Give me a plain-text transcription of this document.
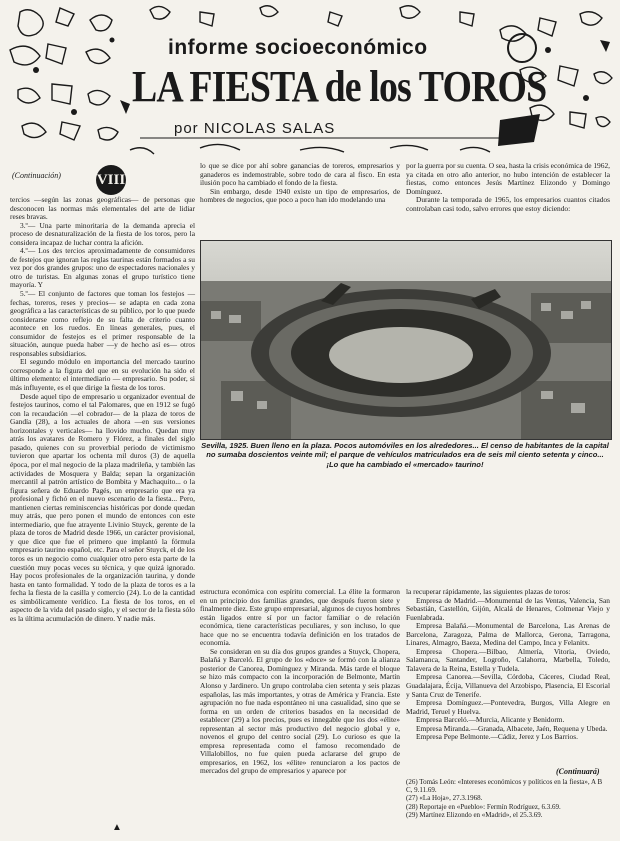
informe socioeconómico
LA FIESTA de los TOROS
por NICOLAS SALAS
(Continuación) VIII

tercios —según las zonas geográficas— de personas que desconocen las normas más elementales del arte de lidiar reses bravas.

3.º— Una parte minoritaria de la demanda aprecia el proceso de desnaturalización de la fiesta de los toros, pero la considera incapaz de luchar contra la afición.

4.º— Los des tercios aproximadamente de consumidores de festejos que ignoran las reglas taurinas están formados a su vez por dos grandes grupos: uno de espectadores nacionales y otro de turistas. En algunas zonas el grupo turístico tiene mayoría. Y

5.º— El conjunto de factores que toman los festejos —fechas, toreros, reses y precios— se adapta en cada zona geográfica a las características de su público, por lo que puede considerarse como reflejo de su falta de criterio cuanto acontece en los ruedos. En líneas generales, pues, el consumidor de festejos es el primer responsable de la situación, aunque pueda haber —y de hecho así es— otros responsables subsidiarios.

El segundo módulo en importancia del mercado taurino corresponde a la figura del que en su evolución ha sido el último elemento: el intermediario — empresario. Su poder, si más influyente, es el que dirige la fiesta de los toros.

Desde aquel tipo de empresario u organizador eventual de festejos taurinos, como el tal Palomares, que en 1912 se fugó con la recaudación —el cobrador— de la plaza de toros de Gandía (28), a los actuales de ahora —en sus versiones horizontales y verticales— ha llovido mucho. Quedan muy atrás los avatares de Romero y Flórez, a finales del siglo pasado, quienes con su proverbial periodo de victimismo tuvieron que apartar los ochenta mil duros (3) de aquella época, por el mal negocio de la plaza madrileña, y también las actividades de Mosquera y Balda; sepan la organización mercantil al patrón artístico de Bombita y Machaquito... o la figura señera de Eduardo Pagés, un empresario que era ya profesional y fichó en el nuevo escenario de la fiesta... Pero, mantienen ciertas reminiscencias históricas por donde quedan muy atrás, que pero ponen el mundo de entonces con este intermediario, que fue atrayente Livinio Stuyck, gerente de la plaza de toros de Madrid desde 1966, un carácter provisional, y que dice que fue el primero que implantó la fórmula empresario taurino español, etc. Para el señor Stuyck, el de los toros es un negocio como cualquier otro pero esta parte de la cuestión muy pocas veces su técnica, y que quizá ignorado. Hay pocos profesionales de la organización taurina, y donde hasta en tanto formalidad. Y todo de la plaza de toros es a la fecha la fiesta de la casilla y comercio (24). Lo de la cantidad es simbólicamente verídico. La fiesta de los toros, en el aspecto de la vida del pasado siglo, y el sector de la fiesta sólo es la última acumulación de dinero. Y nadie más.

lo que se dice por ahí sobre ganancias de toreros, empresarios y ganaderos es indemostrable, sobre todo de cara al fisco. En esta ilusión poco ha cambiado el fondo de la fiesta.

Sin embargo, desde 1940 existe un tipo de empresarios, de hombres de negocios, que poco a poco han ido modelando una

por la guerra por su cuenta. O sea, hasta la crisis económica de 1962, ya citada en otro año anterior, no hubo intención de establecer la fiestas, como entonces Jesús Martínez Elizondo y Domingo Domínguez.

Durante la temporada de 1965, los empresarios cuantos citados controlaban casi todo, salvo errores que estoy diciendo:

Sevilla, 1925. Buen lleno en la plaza. Pocos automóviles en los alrededores... El censo de habitantes de la capital no sumaba doscientos veinte mil; el parque de vehículos matriculados era de seis mil ciento setenta y cinco... ¡Lo que ha cambiado el «mercado» taurino!

estructura económica con espíritu comercial. La élite la formaron en un principio dos familias grandes, que después fueron siete y finalmente diez. Este grupo empresarial, algunos de cuyos hombres están ligados entre sí por un factor familiar o de relación económica, tiene características peculiares, y son incluso, lo que hace que no se encuentra todavía definición en los tratados de economía.

Se consideran en su día dos grupos grandes a Stuyck, Chopera, Balañá y Barceló. El grupo de los «doce» se formó con la alianza posterior de Canorea, Domínguez y Miranda. Más tarde el bloque se hizo más compacto con la incorporación de Belmonte, Martín Alonso y Jardinero. Un grupo controlaba cien setenta y seis plazas españolas, las más importantes, y otras de América y Francia. Este agrupación no fue nada espontáneo ni una casualidad, sino que se forma en un orden de criterios basados en la necesidad de establecer (29) a los precios, pues es innegable que los dos «élite» representan al sector más productivo del negocio global y e, novenos el grupo del centro social (29). Lo curioso es que la empresa representada como el famoso recomendado de Villalobillos, no fue quien pueda aclararse del grupo de empresarios, en 1962, los «élite» renunciaron a los pactos de mercados del grupo de empresarios y aparece por

la recuperar rápidamente, las siguientes plazas de toros:

Empresa de Madrid.—Monumental de las Ventas, Valencia, San Sebastián, Castellón, Gijón, Alcalá de Henares, Colmenar Viejo y Fuenlabrada.

Empresa Balañá.—Monumental de Barcelona, Las Arenas de Barcelona, Zaragoza, Palma de Mallorca, Gerona, Tarragona, Linares, Almagro, Baeza, Medina del Campo, Inca y Felanitx.

Empresa Chopera.—Bilbao, Almería, Vitoria, Oviedo, Salamanca, Santander, Logroño, Calahorra, Marbella, Toledo, Talavera de la Reina, Estella y Tudela.

Empresa Canorea.—Sevilla, Córdoba, Cáceres, Ciudad Real, Guadalajara, Écija, Villanueva del Arzobispo, Plasencia, El Escorial y Santa Cruz de Tenerife.

Empresa Domínguez.—Pontevedra, Burgos, Villa Alegre en Madrid, Teruel y Huelva.

Empresa Barceló.—Murcia, Alicante y Benidorm.

Empresa Miranda.—Granada, Albacete, Jaén, Requena y Ubeda.

Empresa Pepe Belmonte.—Cádiz, Jerez y Los Barrios.

(Continuará)
(26) Tomás León: «Intereses económicos y políticos en la fiesta», A B C, 9.11.69.
(27) «La Hoja», 27.3.1968.
(28) Reportaje en «Pueblo»: Fermín Rodríguez, 6.3.69.
(29) Martínez Elizondo en «Madrid», el 25.3.69.
▲
